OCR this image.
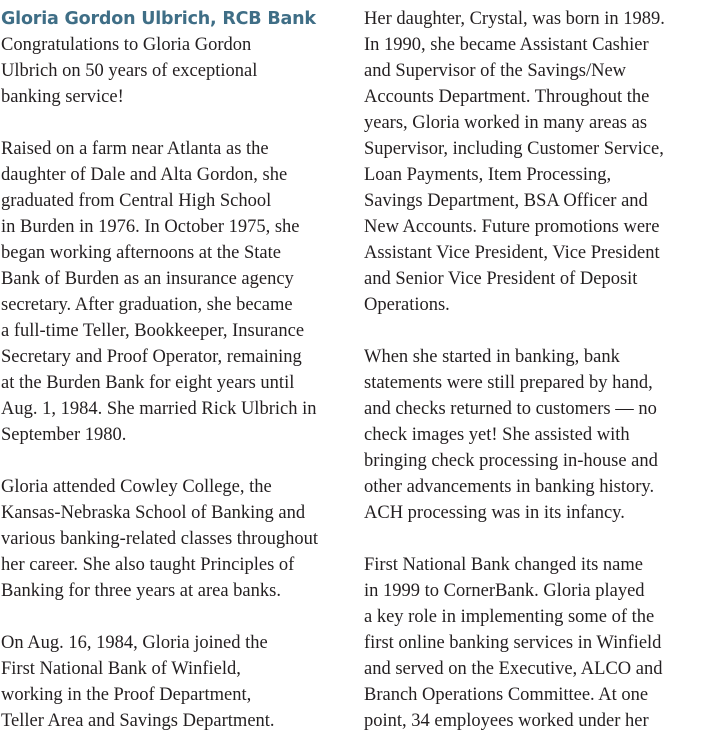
Gloria Gordon Ulbrich, RCB Bank
Congratulations to Gloria Gordon
Ulbrich on 50 years of exceptional
banking service!
Raised on a farm near Atlanta as the
daughter of Dale and Alta Gordon, she
graduated from Central High School
in Burden in 1976. In October 1975, she
began working afternoons at the State
Bank of Burden as an insurance agency
secretary. After graduation, she became
a full-time Teller, Bookkeeper, Insurance
Secretary and Proof Operator, remaining
at the Burden Bank for eight years until
Aug. 1, 1984. She married Rick Ulbrich in
September 1980.
Gloria attended Cowley College, the
Kansas-Nebraska School of Banking and
various banking-related classes throughout
her career. She also taught Principles of
Banking for three years at area banks.
On Aug. 16, 1984, Gloria joined the
First National Bank of Winfield,
working in the Proof Department,
Teller Area and Savings Department.
Her daughter, Crystal, was born in 1989.
In 1990, she became Assistant Cashier
and Supervisor of the Savings/New
Accounts Department. Throughout the
years, Gloria worked in many areas as
Supervisor, including Customer Service,
Loan Payments, Item Processing,
Savings Department, BSA Officer and
New Accounts. Future promotions were
Assistant Vice President, Vice President
and Senior Vice President of Deposit
Operations.
When she started in banking, bank
statements were still prepared by hand,
and checks returned to customers — no
check images yet! She assisted with
bringing check processing in-house and
other advancements in banking history.
ACH processing was in its infancy.
First National Bank changed its name
in 1999 to CornerBank. Gloria played
a key role in implementing some of the
first online banking services in Winfield
and served on the Executive, ALCO and
Branch Operations Committee. At one
point, 34 employees worked under her
